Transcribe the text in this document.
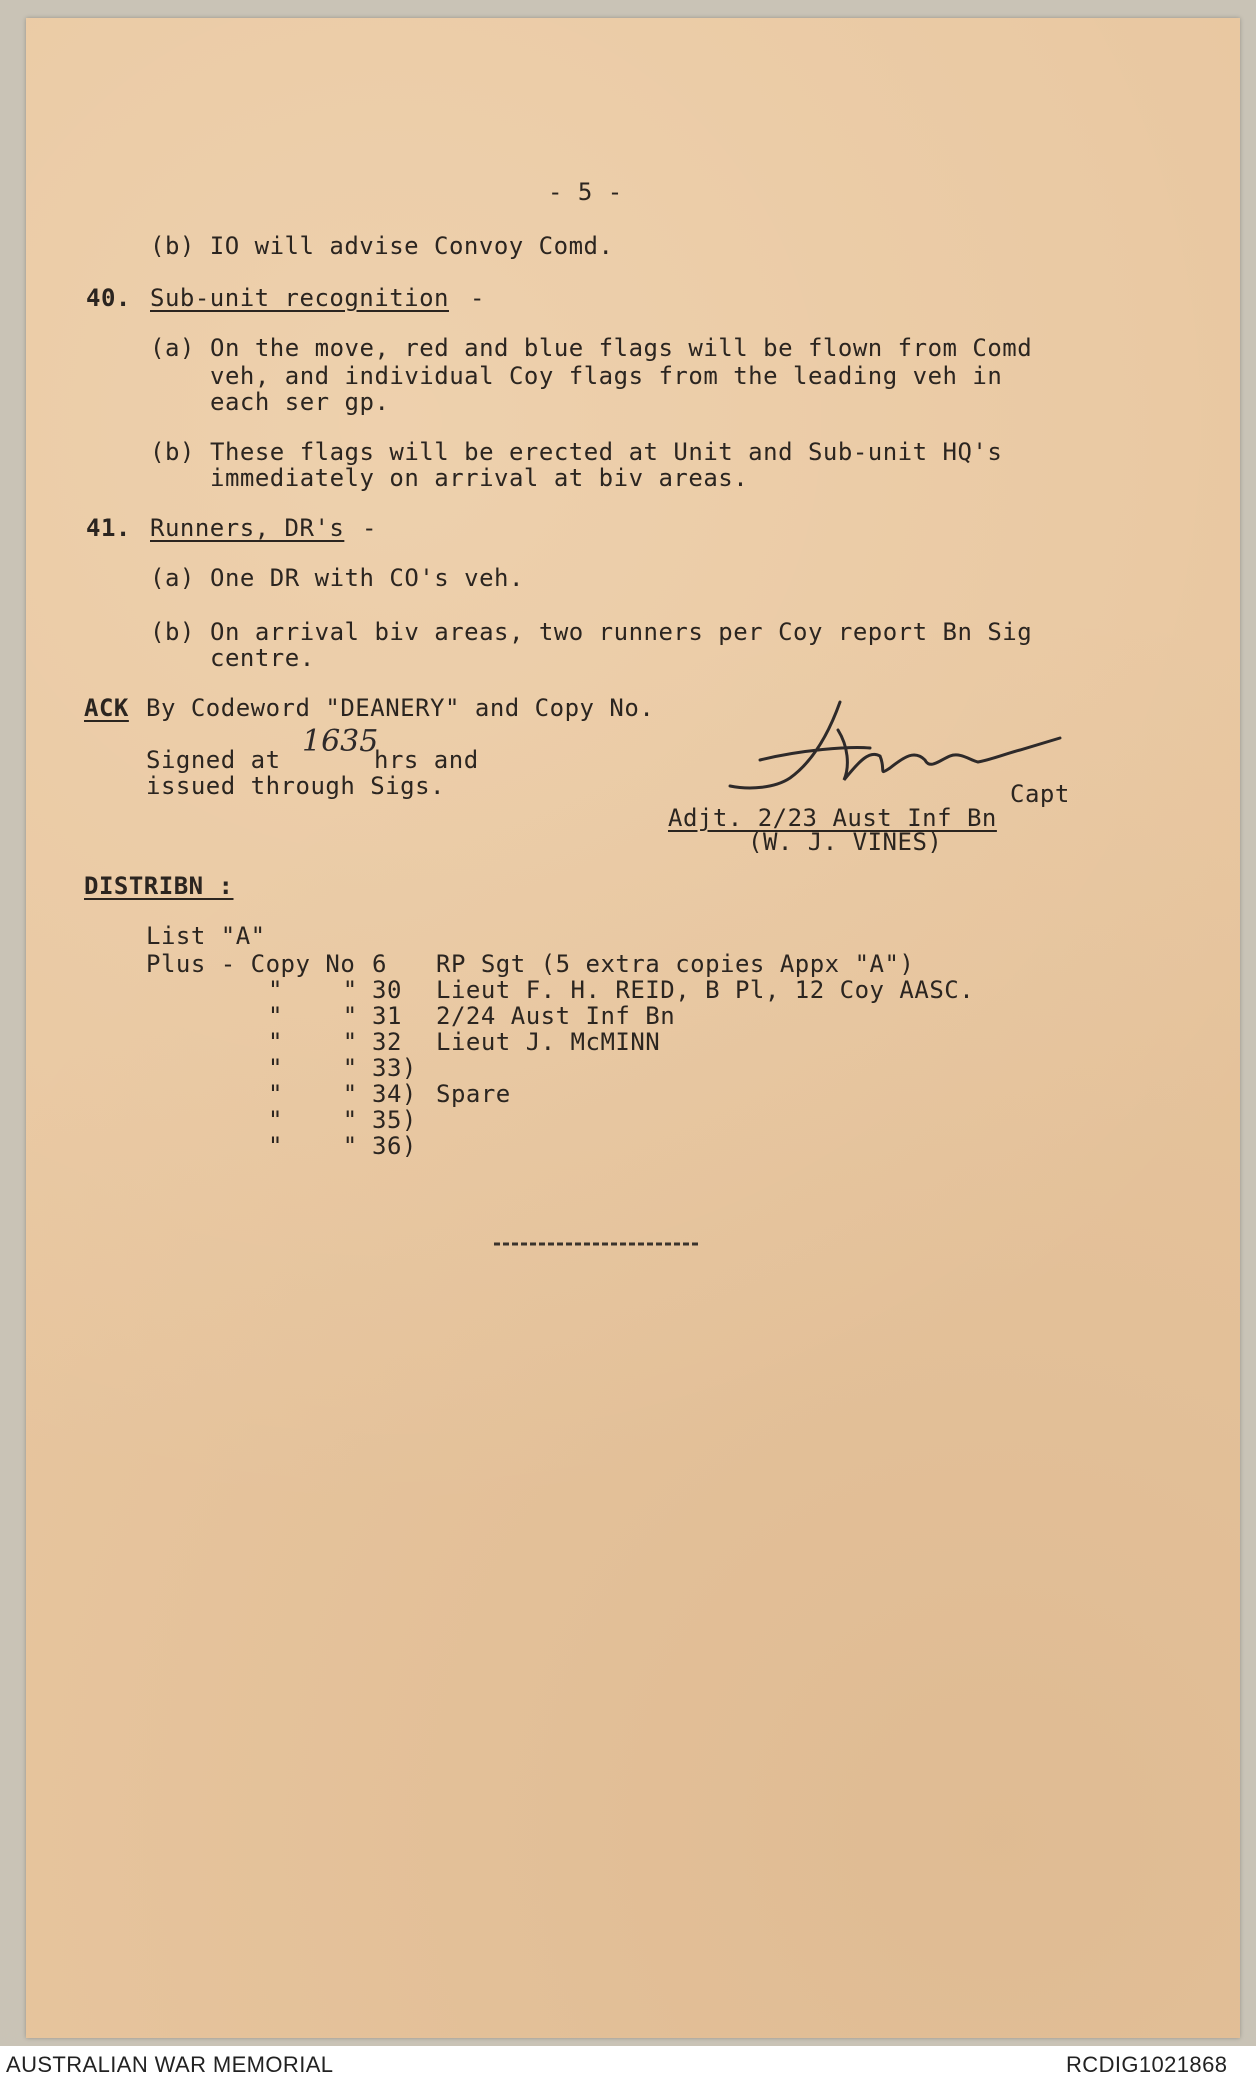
- 5 -
(b) IO will advise Convoy Comd.
40. Sub-unit recognition -
(a) On the move, red and blue flags will be flown from Comd
veh, and individual Coy flags from the leading veh in
each ser gp.
(b) These flags will be erected at Unit and Sub-unit HQ's
immediately on arrival at biv areas.
41. Runners, DR's -
(a) One DR with CO's veh.
(b) On arrival biv areas, two runners per Coy report Bn Sig
centre.
ACK By Codeword "DEANERY" and Copy No.
Signed at
1635
hrs and
issued through Sigs.	Capt
Adjt. 2/23 Aust Inf Bn
(W. J. VINES)
DISTRIBN :
List "A"
Plus - Copy No 6 RP Sgt (5 extra copies Appx "A")
"    " 30 Lieut F. H. REID, B Pl, 12 Coy AASC.
"    " 31 2/24 Aust Inf Bn
"    " 32 Lieut J. McMINN
"    " 33)
"    " 34) Spare
"    " 35)
"    " 36)
AUSTRALIAN WAR MEMORIAL	RCDIG1021868
